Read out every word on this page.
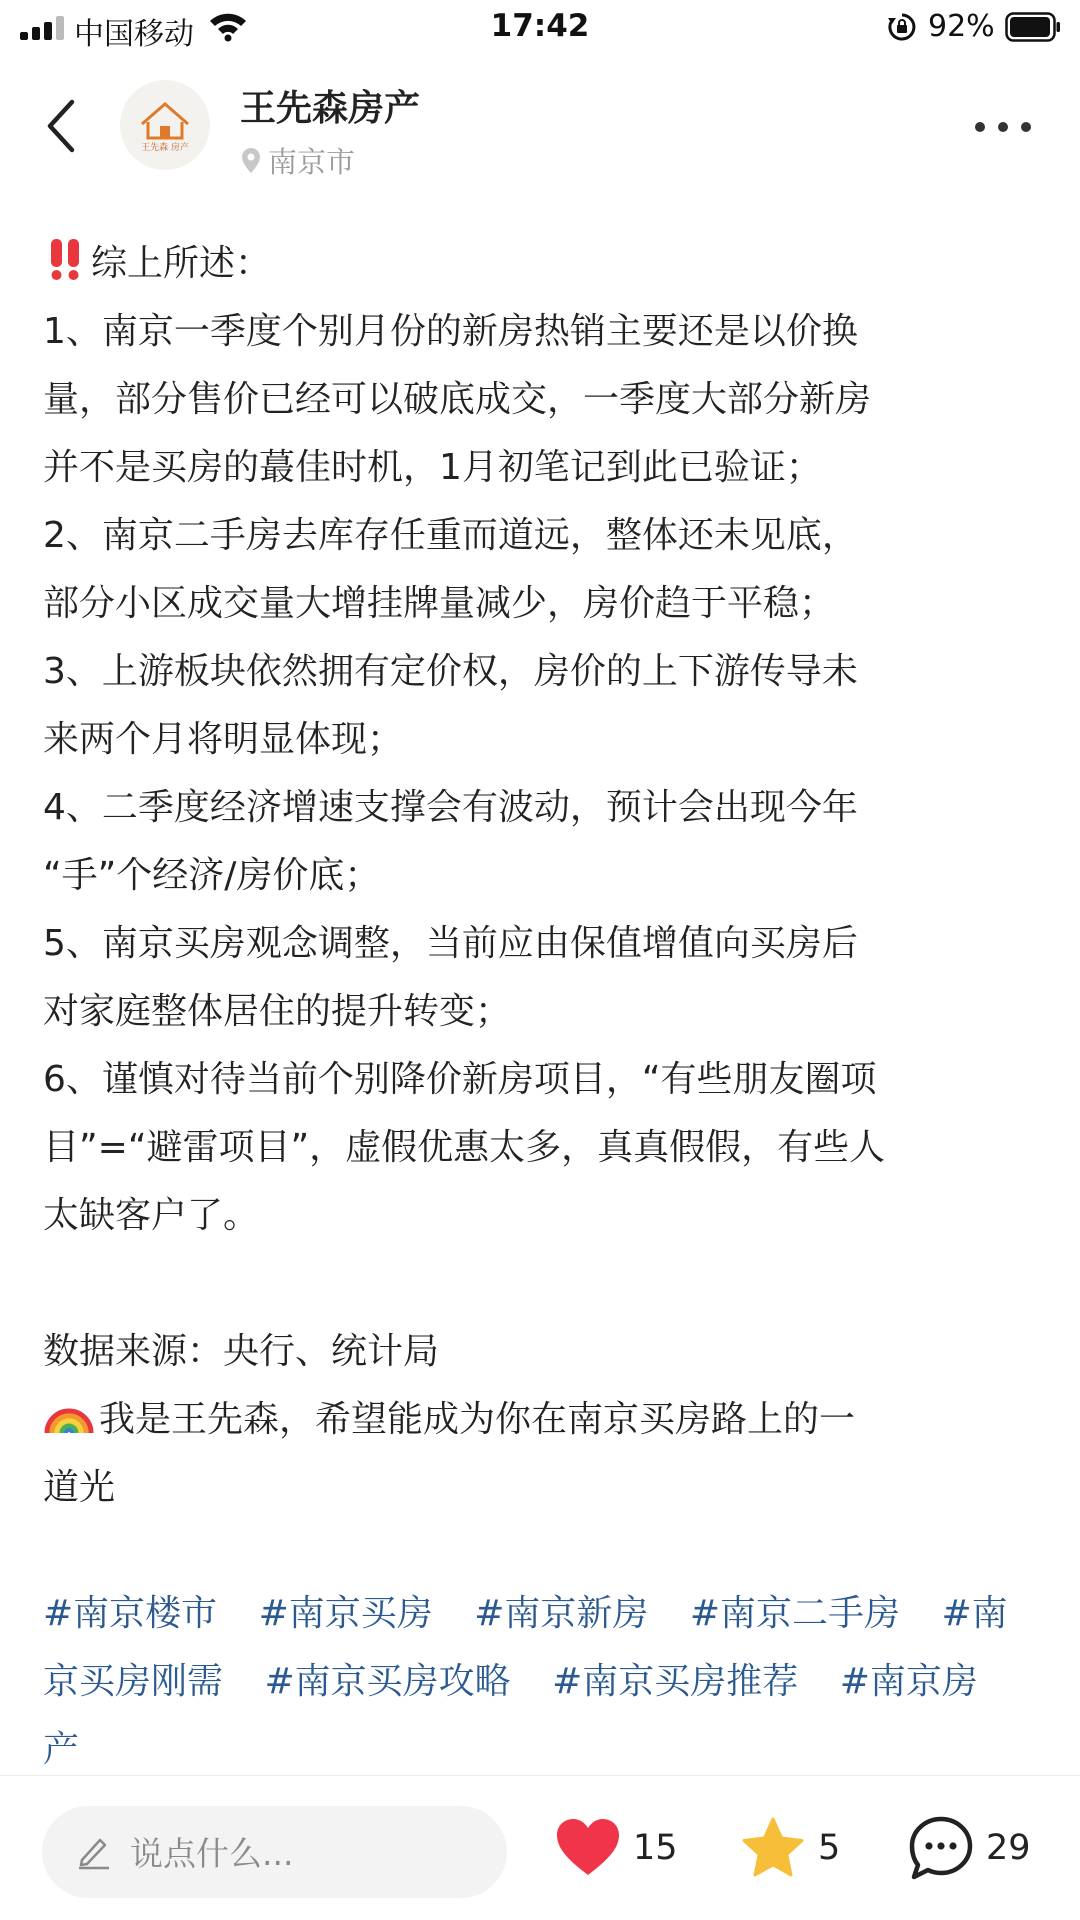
中国移动	17:42	92%
王先森 房产
王先森房产
南京市

综上所述：

1、南京一季度个别月份的新房热销主要还是以价换

量，部分售价已经可以破底成交，一季度大部分新房

并不是买房的蕞佳时机，1月初笔记到此已验证；

2、南京二手房去库存任重而道远，整体还未见底，

部分小区成交量大增挂牌量减少，房价趋于平稳；

3、上游板块依然拥有定价权，房价的上下游传导未

来两个月将明显体现；

4、二季度经济增速支撑会有波动，预计会出现今年

“手”个经济/房价底；

5、南京买房观念调整，当前应由保值增值向买房后

对家庭整体居住的提升转变；

6、谨慎对待当前个别降价新房项目，“有些朋友圈项

目”=“避雷项目”，虚假优惠太多，真真假假，有些人

太缺客户了。

数据来源：央行、统计局

我是王先森，希望能成为你在南京买房路上的一

道光

#南京楼市 #南京买房 #南京新房 #南京二手房 #南京买房刚需 #南京买房攻略 #南京买房推荐 #南京房产
说点什么...	15	5	29
